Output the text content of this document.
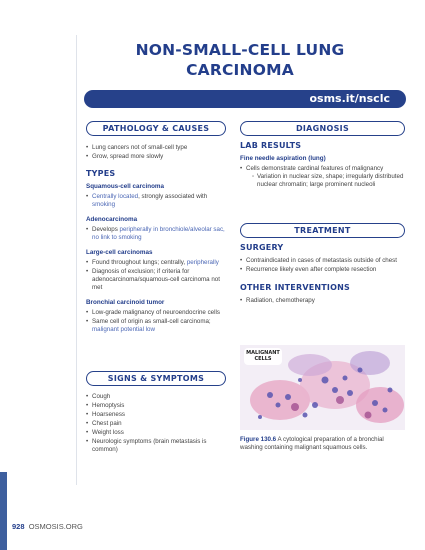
NON-SMALL-CELL LUNG
CARCINOMA
osms.it/nsclc
PATHOLOGY & CAUSES
• Lung cancers not of small-cell type
• Grow, spread more slowly
TYPES
Squamous-cell carcinoma
• Centrally located, strongly associated with smoking
Adenocarcinoma
• Develops peripherally in bronchiole/alveolar sac, no link to smoking
Large-cell carcinomas
• Found throughout lungs; centrally, peripherally
• Diagnosis of exclusion; if criteria for adenocarcinoma/squamous-cell carcinoma not met
Bronchial carcinoid tumor
• Low-grade malignancy of neuroendocrine cells
• Same cell of origin as small-cell carcinoma; malignant potential low
SIGNS & SYMPTOMS
• Cough
• Hemoptysis
• Hoarseness
• Chest pain
• Weight loss
• Neurologic symptoms (brain metastasis is common)
DIAGNOSIS
LAB RESULTS
Fine needle aspiration (lung)
• Cells demonstrate cardinal features of malignancy
◦ Variation in nuclear size, shape; irregularly distributed nuclear chromatin; large prominent nucleoli
TREATMENT
SURGERY
• Contraindicated in cases of metastasis outside of chest
• Recurrence likely even after complete resection
OTHER INTERVENTIONS
• Radiation, chemotherapy
MALIGNANT
CELLS
Figure 130.6 A cytological preparation of a bronchial washing containing malignant squamous cells.
928 OSMOSIS.ORG
